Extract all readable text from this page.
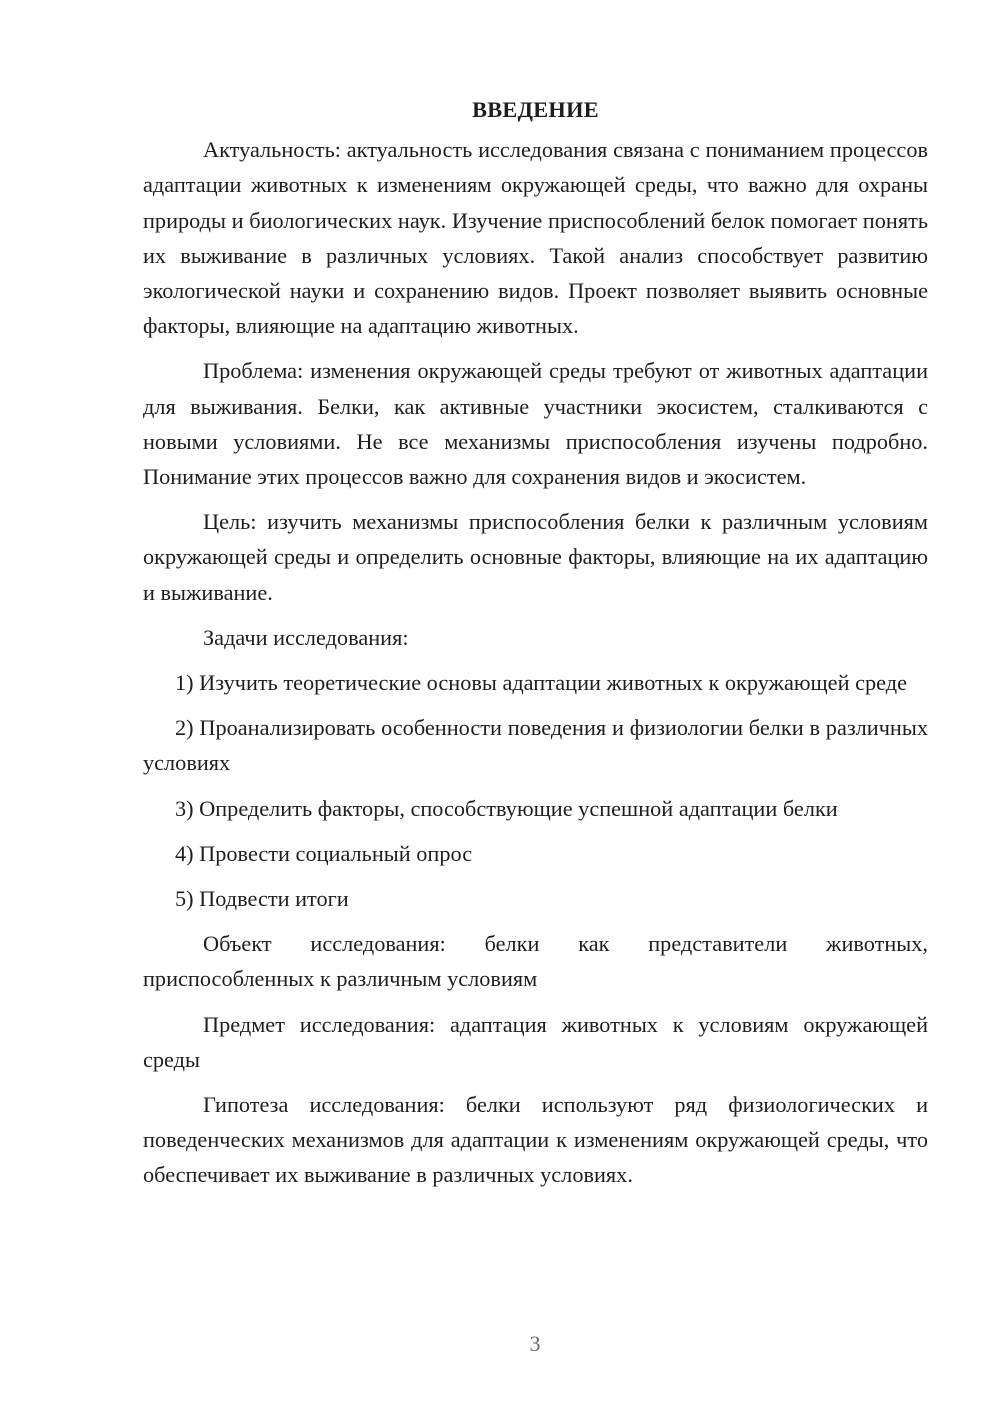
ВВЕДЕНИЕ

Актуальность: актуальность исследования связана с пониманием процессов адаптации животных к изменениям окружающей среды, что важно для охраны природы и биологических наук. Изучение приспособлений белок помогает понять их выживание в различных условиях. Такой анализ способствует развитию экологической науки и сохранению видов. Проект позволяет выявить основные факторы, влияющие на адаптацию животных.

Проблема: изменения окружающей среды требуют от животных адаптации для выживания. Белки, как активные участники экосистем, сталкиваются с новыми условиями. Не все механизмы приспособления изучены подробно. Понимание этих процессов важно для сохранения видов и экосистем.

Цель: изучить механизмы приспособления белки к различным условиям окружающей среды и определить основные факторы, влияющие на их адаптацию и выживание.

Задачи исследования:

1) Изучить теоретические основы адаптации животных к окружающей среде

2) Проанализировать особенности поведения и физиологии белки в различных условиях

3) Определить факторы, способствующие успешной адаптации белки

4) Провести социальный опрос

5) Подвести итоги

Объект исследования: белки как представители животных, приспособленных к различным условиям

Предмет исследования: адаптация животных к условиям окружающей среды

Гипотеза исследования: белки используют ряд физиологических и поведенческих механизмов для адаптации к изменениям окружающей среды, что обеспечивает их выживание в различных условиях.

3
